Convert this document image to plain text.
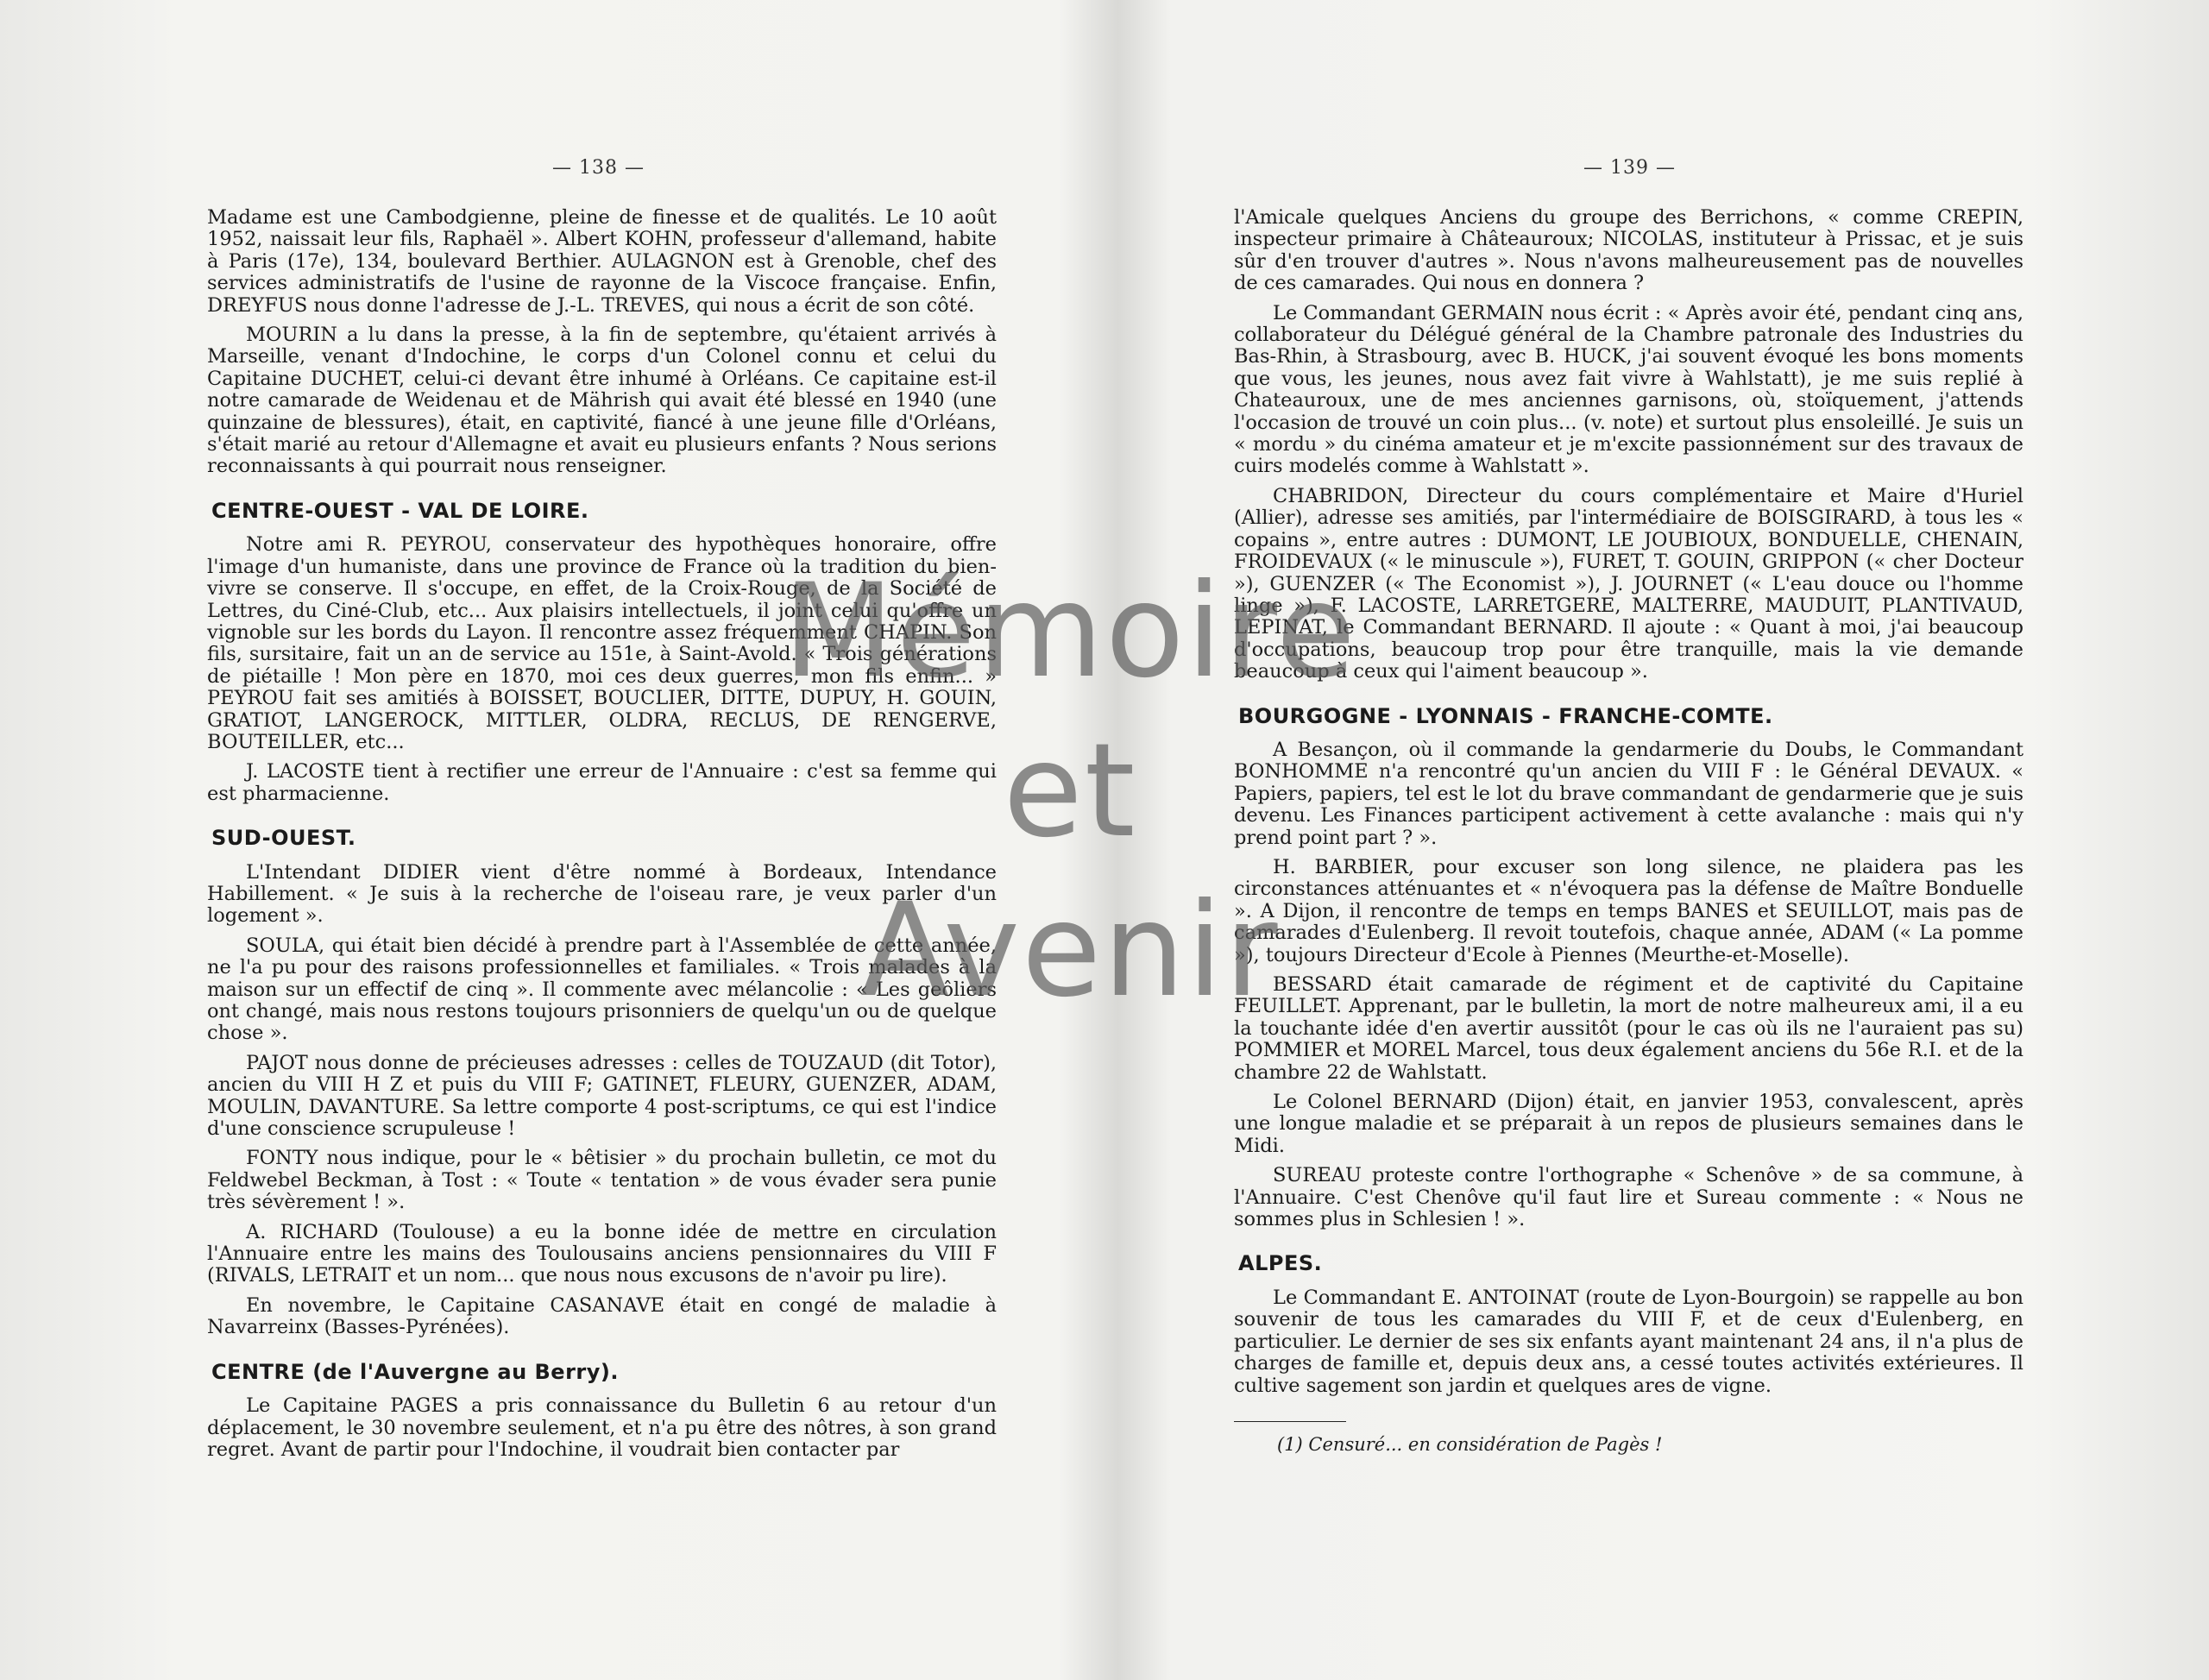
— 138 —

Madame est une Cambodgienne, pleine de finesse et de qualités. Le 10 août 1952, naissait leur fils, Raphaël ». Albert KOHN, professeur d'allemand, habite à Paris (17e), 134, boulevard Berthier. AULAGNON est à Grenoble, chef des services administratifs de l'usine de rayonne de la Viscoce française. Enfin, DREYFUS nous donne l'adresse de J.-L. TREVES, qui nous a écrit de son côté.

MOURIN a lu dans la presse, à la fin de septembre, qu'étaient arrivés à Marseille, venant d'Indochine, le corps d'un Colonel connu et celui du Capitaine DUCHET, celui-ci devant être inhumé à Orléans. Ce capitaine est-il notre camarade de Weidenau et de Mährish qui avait été blessé en 1940 (une quinzaine de blessures), était, en captivité, fiancé à une jeune fille d'Orléans, s'était marié au retour d'Allemagne et avait eu plusieurs enfants ? Nous serions reconnaissants à qui pourrait nous renseigner.

CENTRE-OUEST - VAL DE LOIRE.

Notre ami R. PEYROU, conservateur des hypothèques honoraire, offre l'image d'un humaniste, dans une province de France où la tradition du bien-vivre se conserve. Il s'occupe, en effet, de la Croix-Rouge, de la Société de Lettres, du Ciné-Club, etc... Aux plaisirs intellectuels, il joint celui qu'offre un vignoble sur les bords du Layon. Il rencontre assez fréquemment CHAPIN. Son fils, sursitaire, fait un an de service au 151e, à Saint-Avold. « Trois générations de piétaille ! Mon père en 1870, moi ces deux guerres, mon fils enfin... » PEYROU fait ses amitiés à BOISSET, BOUCLIER, DITTE, DUPUY, H. GOUIN, GRATIOT, LANGEROCK, MITTLER, OLDRA, RECLUS, DE RENGERVE, BOUTEILLER, etc...

J. LACOSTE tient à rectifier une erreur de l'Annuaire : c'est sa femme qui est pharmacienne.

SUD-OUEST.

L'Intendant DIDIER vient d'être nommé à Bordeaux, Intendance Habillement. « Je suis à la recherche de l'oiseau rare, je veux parler d'un logement ».

SOULA, qui était bien décidé à prendre part à l'Assemblée de cette année, ne l'a pu pour des raisons professionnelles et familiales. « Trois malades à la maison sur un effectif de cinq ». Il commente avec mélancolie : « Les geôliers ont changé, mais nous restons toujours prisonniers de quelqu'un ou de quelque chose ».

PAJOT nous donne de précieuses adresses : celles de TOUZAUD (dit Totor), ancien du VIII H Z et puis du VIII F; GATINET, FLEURY, GUENZER, ADAM, MOULIN, DAVANTURE. Sa lettre comporte 4 post-scriptums, ce qui est l'indice d'une conscience scrupuleuse !

FONTY nous indique, pour le « bêtisier » du prochain bulletin, ce mot du Feldwebel Beckman, à Tost : « Toute « tentation » de vous évader sera punie très sévèrement ! ».

A. RICHARD (Toulouse) a eu la bonne idée de mettre en circulation l'Annuaire entre les mains des Toulousains anciens pensionnaires du VIII F (RIVALS, LETRAIT et un nom... que nous nous excusons de n'avoir pu lire).

En novembre, le Capitaine CASANAVE était en congé de maladie à Navarreinx (Basses-Pyrénées).

CENTRE (de l'Auvergne au Berry).

Le Capitaine PAGES a pris connaissance du Bulletin 6 au retour d'un déplacement, le 30 novembre seulement, et n'a pu être des nôtres, à son grand regret. Avant de partir pour l'Indochine, il voudrait bien contacter par

— 139 —

l'Amicale quelques Anciens du groupe des Berrichons, « comme CREPIN, inspecteur primaire à Châteauroux; NICOLAS, instituteur à Prissac, et je suis sûr d'en trouver d'autres ». Nous n'avons malheureusement pas de nouvelles de ces camarades. Qui nous en donnera ?

Le Commandant GERMAIN nous écrit : « Après avoir été, pendant cinq ans, collaborateur du Délégué général de la Chambre patronale des Industries du Bas-Rhin, à Strasbourg, avec B. HUCK, j'ai souvent évoqué les bons moments que vous, les jeunes, nous avez fait vivre à Wahlstatt), je me suis replié à Chateauroux, une de mes anciennes garnisons, où, stoïquement, j'attends l'occasion de trouvé un coin plus... (v. note) et surtout plus ensoleillé. Je suis un « mordu » du cinéma amateur et je m'excite passionnément sur des travaux de cuirs modelés comme à Wahlstatt ».

CHABRIDON, Directeur du cours complémentaire et Maire d'Huriel (Allier), adresse ses amitiés, par l'intermédiaire de BOISGIRARD, à tous les « copains », entre autres : DUMONT, LE JOUBIOUX, BONDUELLE, CHENAIN, FROIDEVAUX (« le minuscule »), FURET, T. GOUIN, GRIPPON (« cher Docteur »), GUENZER (« The Economist »), J. JOURNET (« L'eau douce ou l'homme linge »), F. LACOSTE, LARRETGERE, MALTERRE, MAUDUIT, PLANTIVAUD, LEPINAT, le Commandant BERNARD. Il ajoute : « Quant à moi, j'ai beaucoup d'occupations, beaucoup trop pour être tranquille, mais la vie demande beaucoup à ceux qui l'aiment beaucoup ».

BOURGOGNE - LYONNAIS - FRANCHE-COMTE.

A Besançon, où il commande la gendarmerie du Doubs, le Commandant BONHOMME n'a rencontré qu'un ancien du VIII F : le Général DEVAUX. « Papiers, papiers, tel est le lot du brave commandant de gendarmerie que je suis devenu. Les Finances participent activement à cette avalanche : mais qui n'y prend point part ? ».

H. BARBIER, pour excuser son long silence, ne plaidera pas les circonstances atténuantes et « n'évoquera pas la défense de Maître Bonduelle ». A Dijon, il rencontre de temps en temps BANES et SEUILLOT, mais pas de camarades d'Eulenberg. Il revoit toutefois, chaque année, ADAM (« La pomme »), toujours Directeur d'Ecole à Piennes (Meurthe-et-Moselle).

BESSARD était camarade de régiment et de captivité du Capitaine FEUILLET. Apprenant, par le bulletin, la mort de notre malheureux ami, il a eu la touchante idée d'en avertir aussitôt (pour le cas où ils ne l'auraient pas su) POMMIER et MOREL Marcel, tous deux également anciens du 56e R.I. et de la chambre 22 de Wahlstatt.

Le Colonel BERNARD (Dijon) était, en janvier 1953, convalescent, après une longue maladie et se préparait à un repos de plusieurs semaines dans le Midi.

SUREAU proteste contre l'orthographe « Schenôve » de sa commune, à l'Annuaire. C'est Chenôve qu'il faut lire et Sureau commente : « Nous ne sommes plus in Schlesien ! ».

ALPES.

Le Commandant E. ANTOINAT (route de Lyon-Bourgoin) se rappelle au bon souvenir de tous les camarades du VIII F, et de ceux d'Eulenberg, en particulier. Le dernier de ses six enfants ayant maintenant 24 ans, il n'a plus de charges de famille et, depuis deux ans, a cessé toutes activités extérieures. Il cultive sagement son jardin et quelques ares de vigne.

(1) Censuré... en considération de Pagès !
Mémoire
et
Avenir
